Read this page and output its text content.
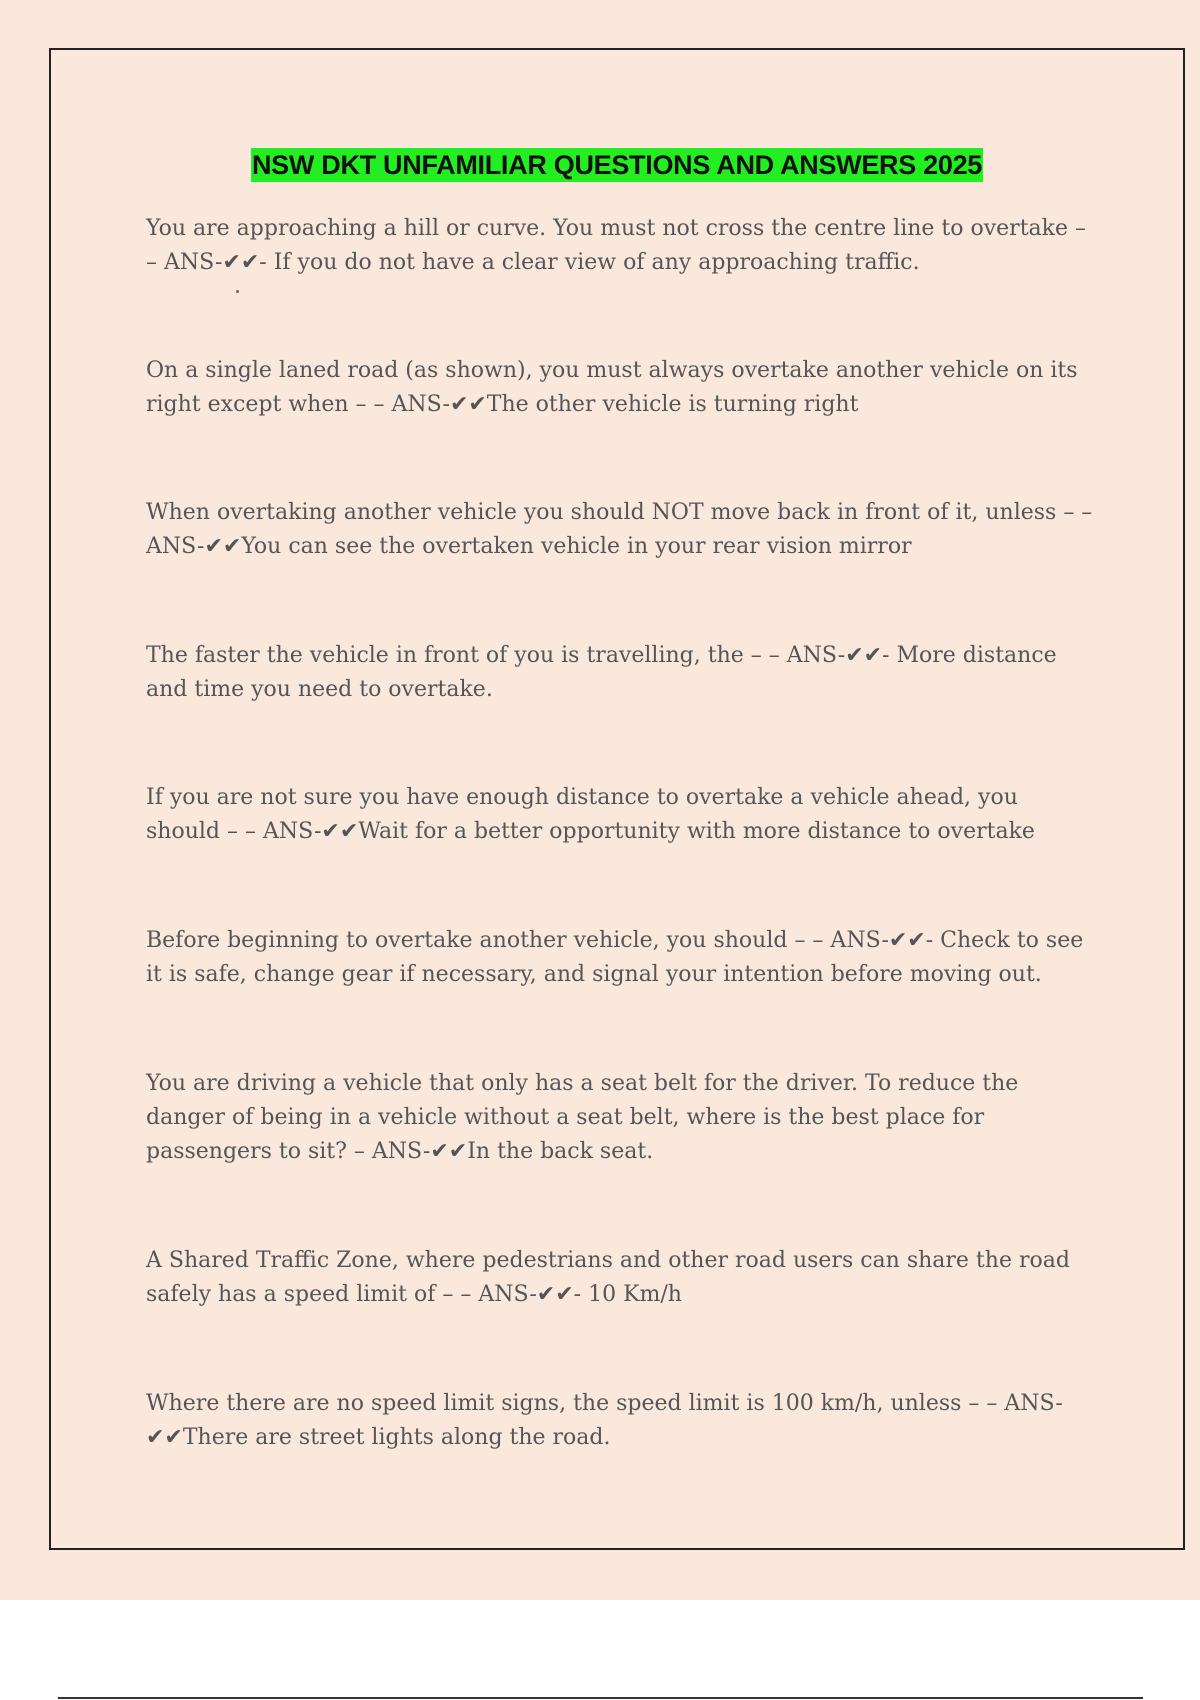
NSW DKT UNFAMILIAR QUESTIONS AND ANSWERS 2025

You are approaching a hill or curve. You must not cross the centre line to overtake – – ANS-✔✔- If you do not have a clear view of any approaching traffic.

On a single laned road (as shown), you must always overtake another vehicle on its right except when – – ANS-✔✔The other vehicle is turning right

When overtaking another vehicle you should NOT move back in front of it, unless – – ANS-✔✔You can see the overtaken vehicle in your rear vision mirror

The faster the vehicle in front of you is travelling, the – – ANS-✔✔- More distance and time you need to overtake.

If you are not sure you have enough distance to overtake a vehicle ahead, you should – – ANS-✔✔Wait for a better opportunity with more distance to overtake

Before beginning to overtake another vehicle, you should – – ANS-✔✔- Check to see it is safe, change gear if necessary, and signal your intention before moving out.

You are driving a vehicle that only has a seat belt for the driver. To reduce the danger of being in a vehicle without a seat belt, where is the best place for passengers to sit? – ANS-✔✔In the back seat.

A Shared Traffic Zone, where pedestrians and other road users can share the road safely has a speed limit of – – ANS-✔✔- 10 Km/h

Where there are no speed limit signs, the speed limit is 100 km/h, unless – – ANS-✔✔There are street lights along the road.
